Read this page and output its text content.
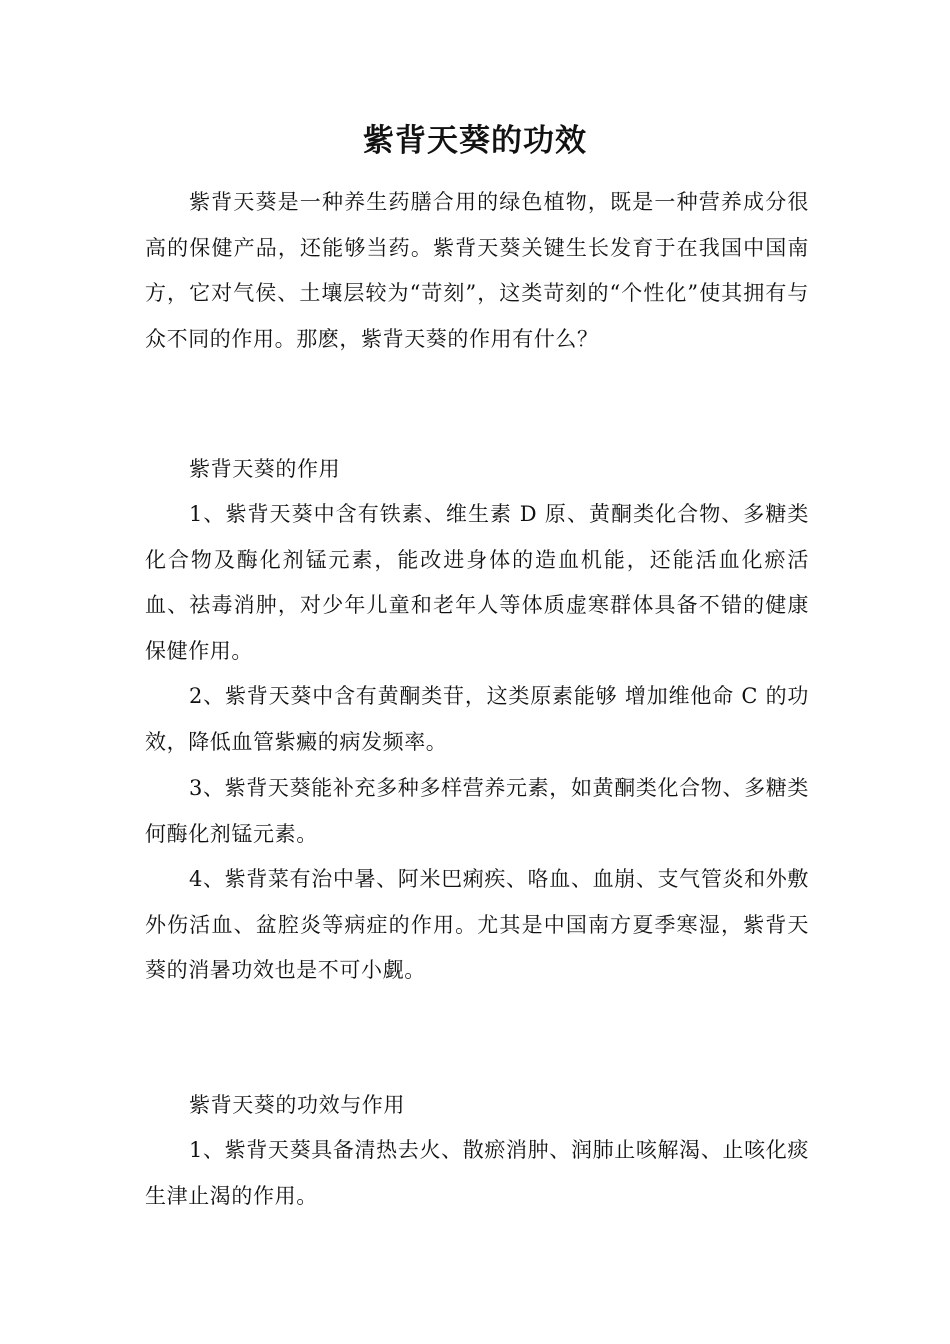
紫背天葵的功效

紫背天葵是一种养生药膳合用的绿色植物，既是一种营养成分很高的保健产品，还能够当药。紫背天葵关键生长发育于在我国中国南方，它对气侯、土壤层较为“苛刻”，这类苛刻的“个性化”使其拥有与众不同的作用。那麽，紫背天葵的作用有什么？

紫背天葵的作用

1、紫背天葵中含有铁素、维生素 D 原、黄酮类化合物、多糖类化合物及酶化剂锰元素，能改进身体的造血机能，还能活血化瘀活血、祛毒消肿，对少年儿童和老年人等体质虚寒群体具备不错的健康保健作用。

2、紫背天葵中含有黄酮类苷，这类原素能够 增加维他命 C 的功效，降低血管紫癜的病发频率。

3、紫背天葵能补充多种多样营养元素，如黄酮类化合物、多糖类何酶化剂锰元素。

4、紫背菜有治中暑、阿米巴痢疾、咯血、血崩、支气管炎和外敷外伤活血、盆腔炎等病症的作用。尤其是中国南方夏季寒湿，紫背天葵的消暑功效也是不可小觑。

紫背天葵的功效与作用

1、紫背天葵具备清热去火、散瘀消肿、润肺止咳解渴、止咳化痰生津止渴的作用。
